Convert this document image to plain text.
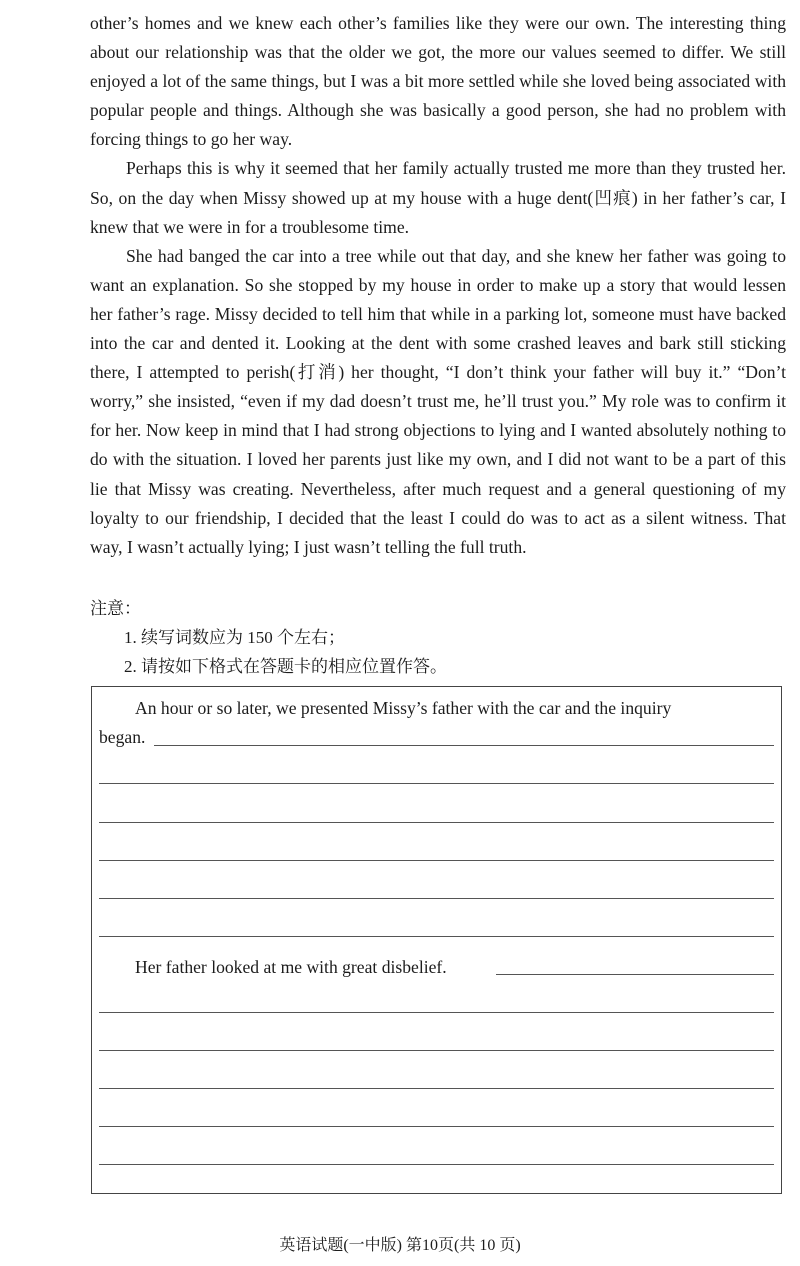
other’s homes and we knew each other’s families like they were our own. The interesting thing about our relationship was that the older we got, the more our values seemed to differ. We still enjoyed a lot of the same things, but I was a bit more settled while she loved being associated with popular people and things. Although she was basically a good person, she had no problem with forcing things to go her way.

Perhaps this is why it seemed that her family actually trusted me more than they trusted her. So, on the day when Missy showed up at my house with a huge dent(凹痕) in her father’s car, I knew that we were in for a troublesome time.

She had banged the car into a tree while out that day, and she knew her father was going to want an explanation. So she stopped by my house in order to make up a story that would lessen her father’s rage. Missy decided to tell him that while in a parking lot, someone must have backed into the car and dented it. Looking at the dent with some crashed leaves and bark still sticking there, I attempted to perish(打消) her thought, “I don’t think your father will buy it.” “Don’t worry,” she insisted, “even if my dad doesn’t trust me, he’ll trust you.” My role was to confirm it for her. Now keep in mind that I had strong objections to lying and I wanted absolutely nothing to do with the situation. I loved her parents just like my own, and I did not want to be a part of this lie that Missy was creating. Nevertheless, after much request and a general questioning of my loyalty to our friendship, I decided that the least I could do was to act as a silent witness. That way, I wasn’t actually lying; I just wasn’t telling the full truth.

注意：
1. 续写词数应为 150 个左右；
2. 请按如下格式在答题卡的相应位置作答。
An hour or so later, we presented Missy’s father with the car and the inquiry
began.
Her father looked at me with great disbelief.
英语试题(一中版) 第10页(共 10 页)
